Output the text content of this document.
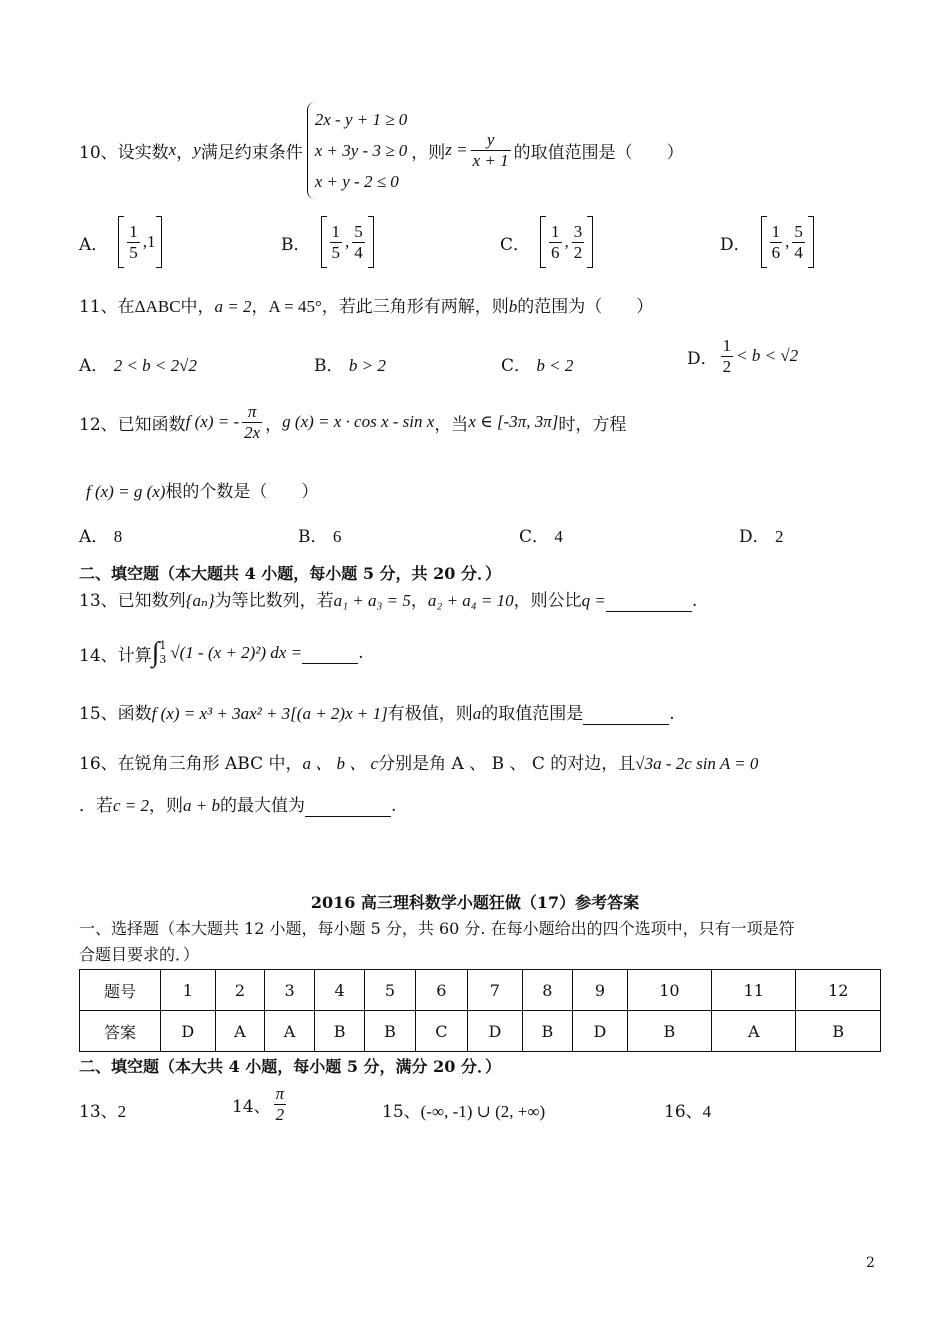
10、设实数 x ， y 满足约束条件
2x - y + 1 ≥ 0
x + 3y - 3 ≥ 0
x + y - 2 ≤ 0
，则 $z = \frac{y}{x + 1}$ 的取值范围是（　　）
A． $\frac{1}{5}$ , 1	B． $\frac{1}{5}$ , $\frac{5}{4}$	C． $\frac{1}{6}$ , $\frac{3}{2}$	D． $\frac{1}{6}$ , $\frac{5}{4}$
11、在ΔABC中，a = 2，A = 45°，若此三角形有两解，则b的范围为（　　）
A． 2 < b < 2√2	B． b > 2	C． b < 2	D． $\frac{1}{2} < b < √2$
12、已知函数 f (x) = - $\frac{\pi}{2x}$ ， g (x) = x · cos x - sin x ，当 x ∈ [-3π, 3π] 时，方程
f (x) = g (x)根的个数是（　　）
A． 8	B． 6	C． 4	D． 2
二、填空题（本大题共 4 小题，每小题 5 分，共 20 分．）
13、已知数列{aₙ}为等比数列，若a₁ + a₃ = 5，a₂ + a₄ = 10，则公比q =	.
14、计算 ∫ 1
3 √(1 - (x + 2)²) dx =
	.
15、函数f (x) = x³ + 3ax² + 3[(a + 2)x + 1]有极值，则a的取值范围是	.
16、在锐角三角形 ABC 中，a 、 b 、 c分别是角 A 、 B 、 C 的对边，且√3a - 2c sin A = 0
．若c = 2，则a + b的最大值为	.
2016 高三理科数学小题狂做（17）参考答案
一、选择题（本大题共 12 小题，每小题 5 分，共 60 分. 在每小题给出的四个选项中，只有一项是符
合题目要求的．）
题号	1	2	3	4	5	6	7	8	9	10	11	12
答案	D	A	A	B	B	C	D	B	D	B	A	B
二、填空题（本大共 4 小题，每小题 5 分，满分 20 分．）
13、2	14、 $\frac{\pi}{2}$	15、(-∞, -1) ∪ (2, +∞)	16、4
2
